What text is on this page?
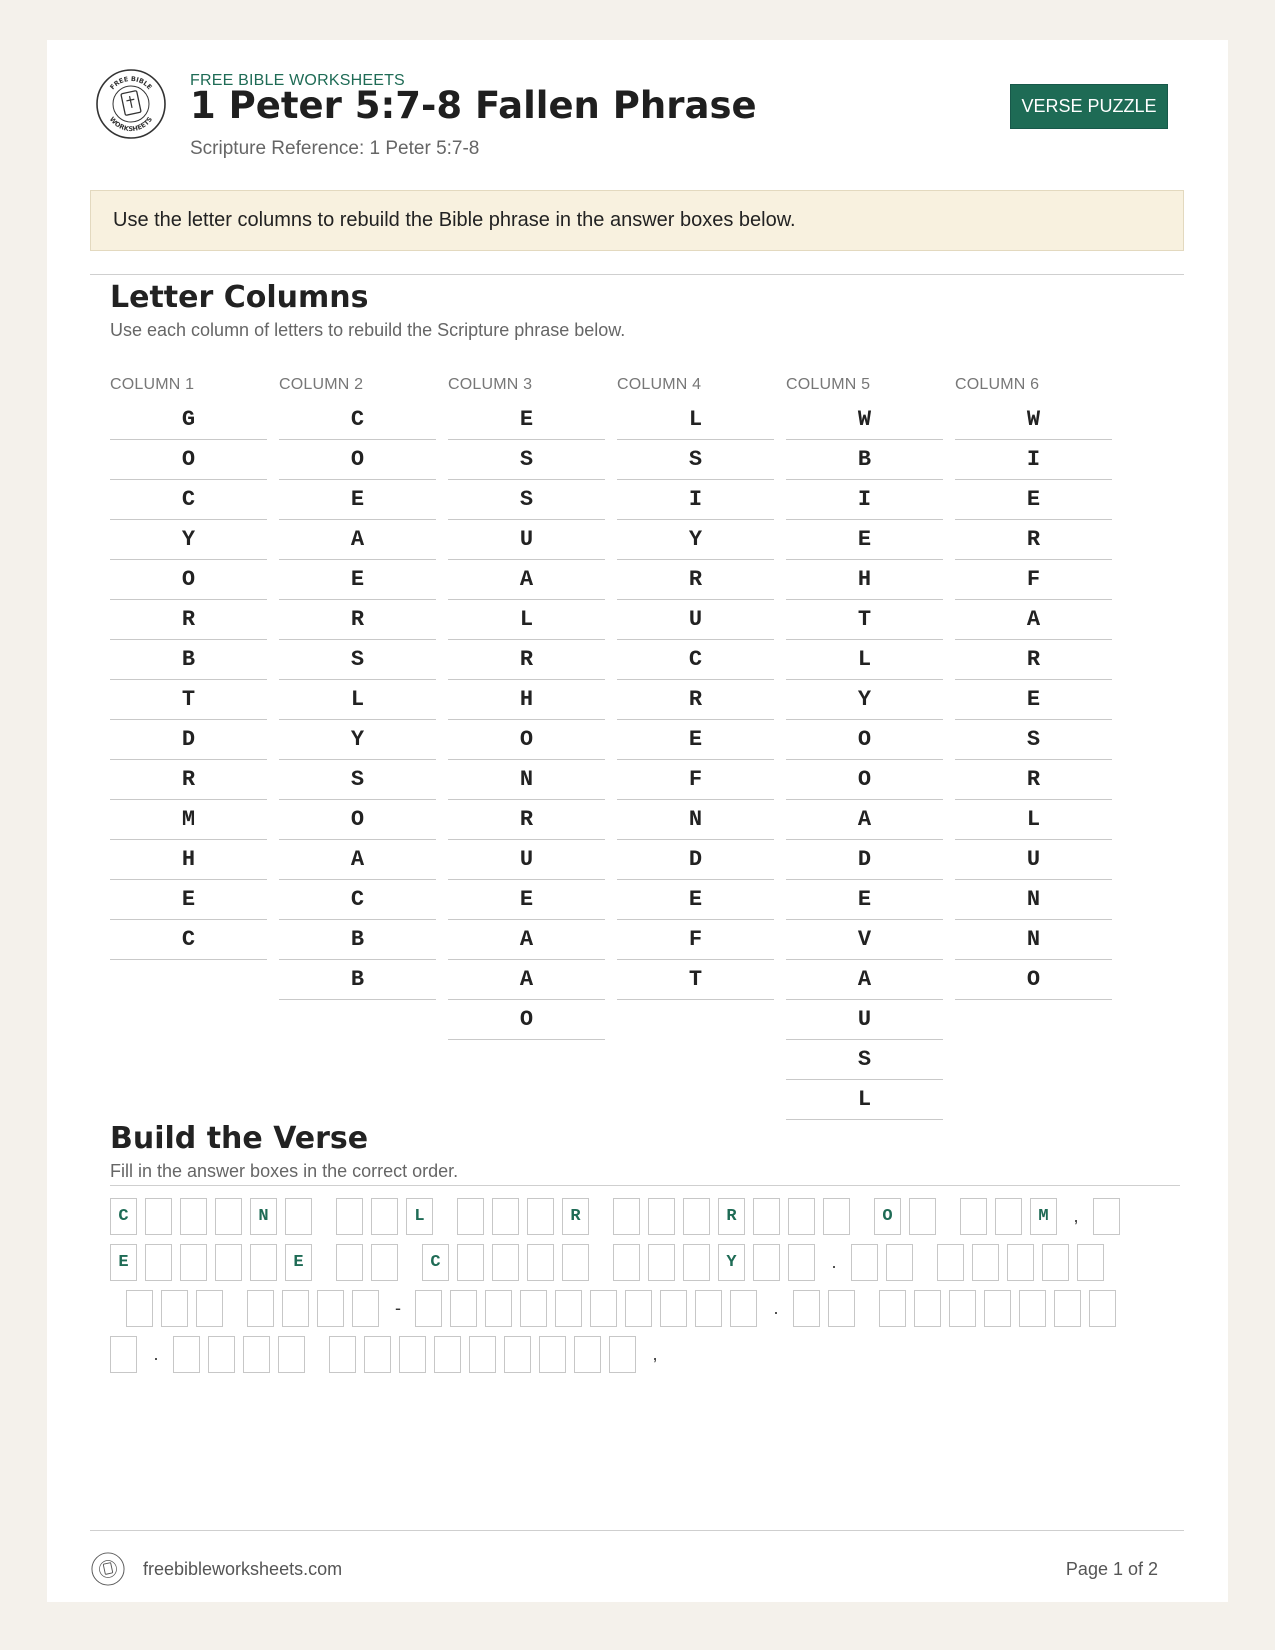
FREE BIBLE
WORKSHEETS
FREE BIBLE WORKSHEETS
1 Peter 5:7-8 Fallen Phrase
Scripture Reference: 1 Peter 5:7-8
VERSE PUZZLE
Use the letter columns to rebuild the Bible phrase in the answer boxes below.
Letter Columns
Use each column of letters to rebuild the Scripture phrase below.
COLUMN 1
G
O
C
Y
O
R
B
T
D
R
M
H
E
C
COLUMN 2
C
O
E
A
E
R
S
L
Y
S
O
A
C
B
B
COLUMN 3
E
S
S
U
A
L
R
H
O
N
R
U
E
A
A
O
COLUMN 4
L
S
I
Y
R
U
C
R
E
F
N
D
E
F
T
COLUMN 5
W
B
I
E
H
T
L
Y
O
O
A
D
E
V
A
U
S
L
COLUMN 6
W
I
E
R
F
A
R
E
S
R
L
U
N
N
O
Build the Verse
Fill in the answer boxes in the correct order.
C	N	L	R	R	O	M	,
E	E	C	Y	.
-	.
.	,
freebibleworksheets.com	Page 1 of 2
